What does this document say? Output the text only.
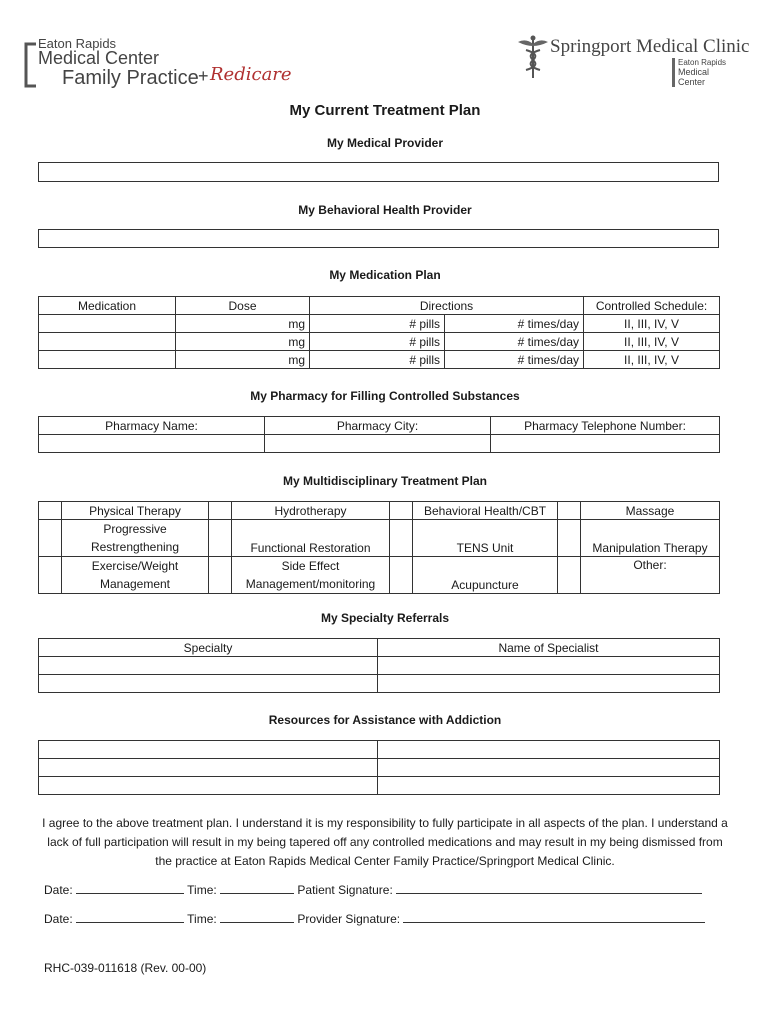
Eaton Rapids
Medical Center
Family Practice + Redicare
Springport Medical Clinic
Eaton Rapids
Medical Center
My Current Treatment Plan
My Medical Provider
My Behavioral Health Provider
My Medication Plan
Medication	Dose	Directions		Controlled Schedule:
	mg	# pills	# times/day	II, III, IV, V
	mg	# pills	# times/day	II, III, IV, V
	mg	# pills	# times/day	II, III, IV, V
My Pharmacy for Filling Controlled Substances
Pharmacy Name:	Pharmacy City:	Pharmacy Telephone Number:

My Multidisciplinary Treatment Plan
	Physical Therapy		Hydrotherapy		Behavioral Health/CBT		Massage
	Progressive Restrengthening		Functional Restoration		TENS Unit		Manipulation Therapy
	Exercise/Weight Management		Side Effect Management/monitoring		Acupuncture		Other:
My Specialty Referrals
Specialty	Name of Specialist

Resources for Assistance with Addiction

I agree to the above treatment plan. I understand it is my responsibility to fully participate in all aspects of the plan. I understand a lack of full participation will result in my being tapered off any controlled medications and may result in my being dismissed from the practice at Eaton Rapids Medical Center Family Practice/Springport Medical Clinic.
Date:	Time:	Patient Signature:
Date:	Time:	Provider Signature:
RHC-039-011618 (Rev. 00-00)
